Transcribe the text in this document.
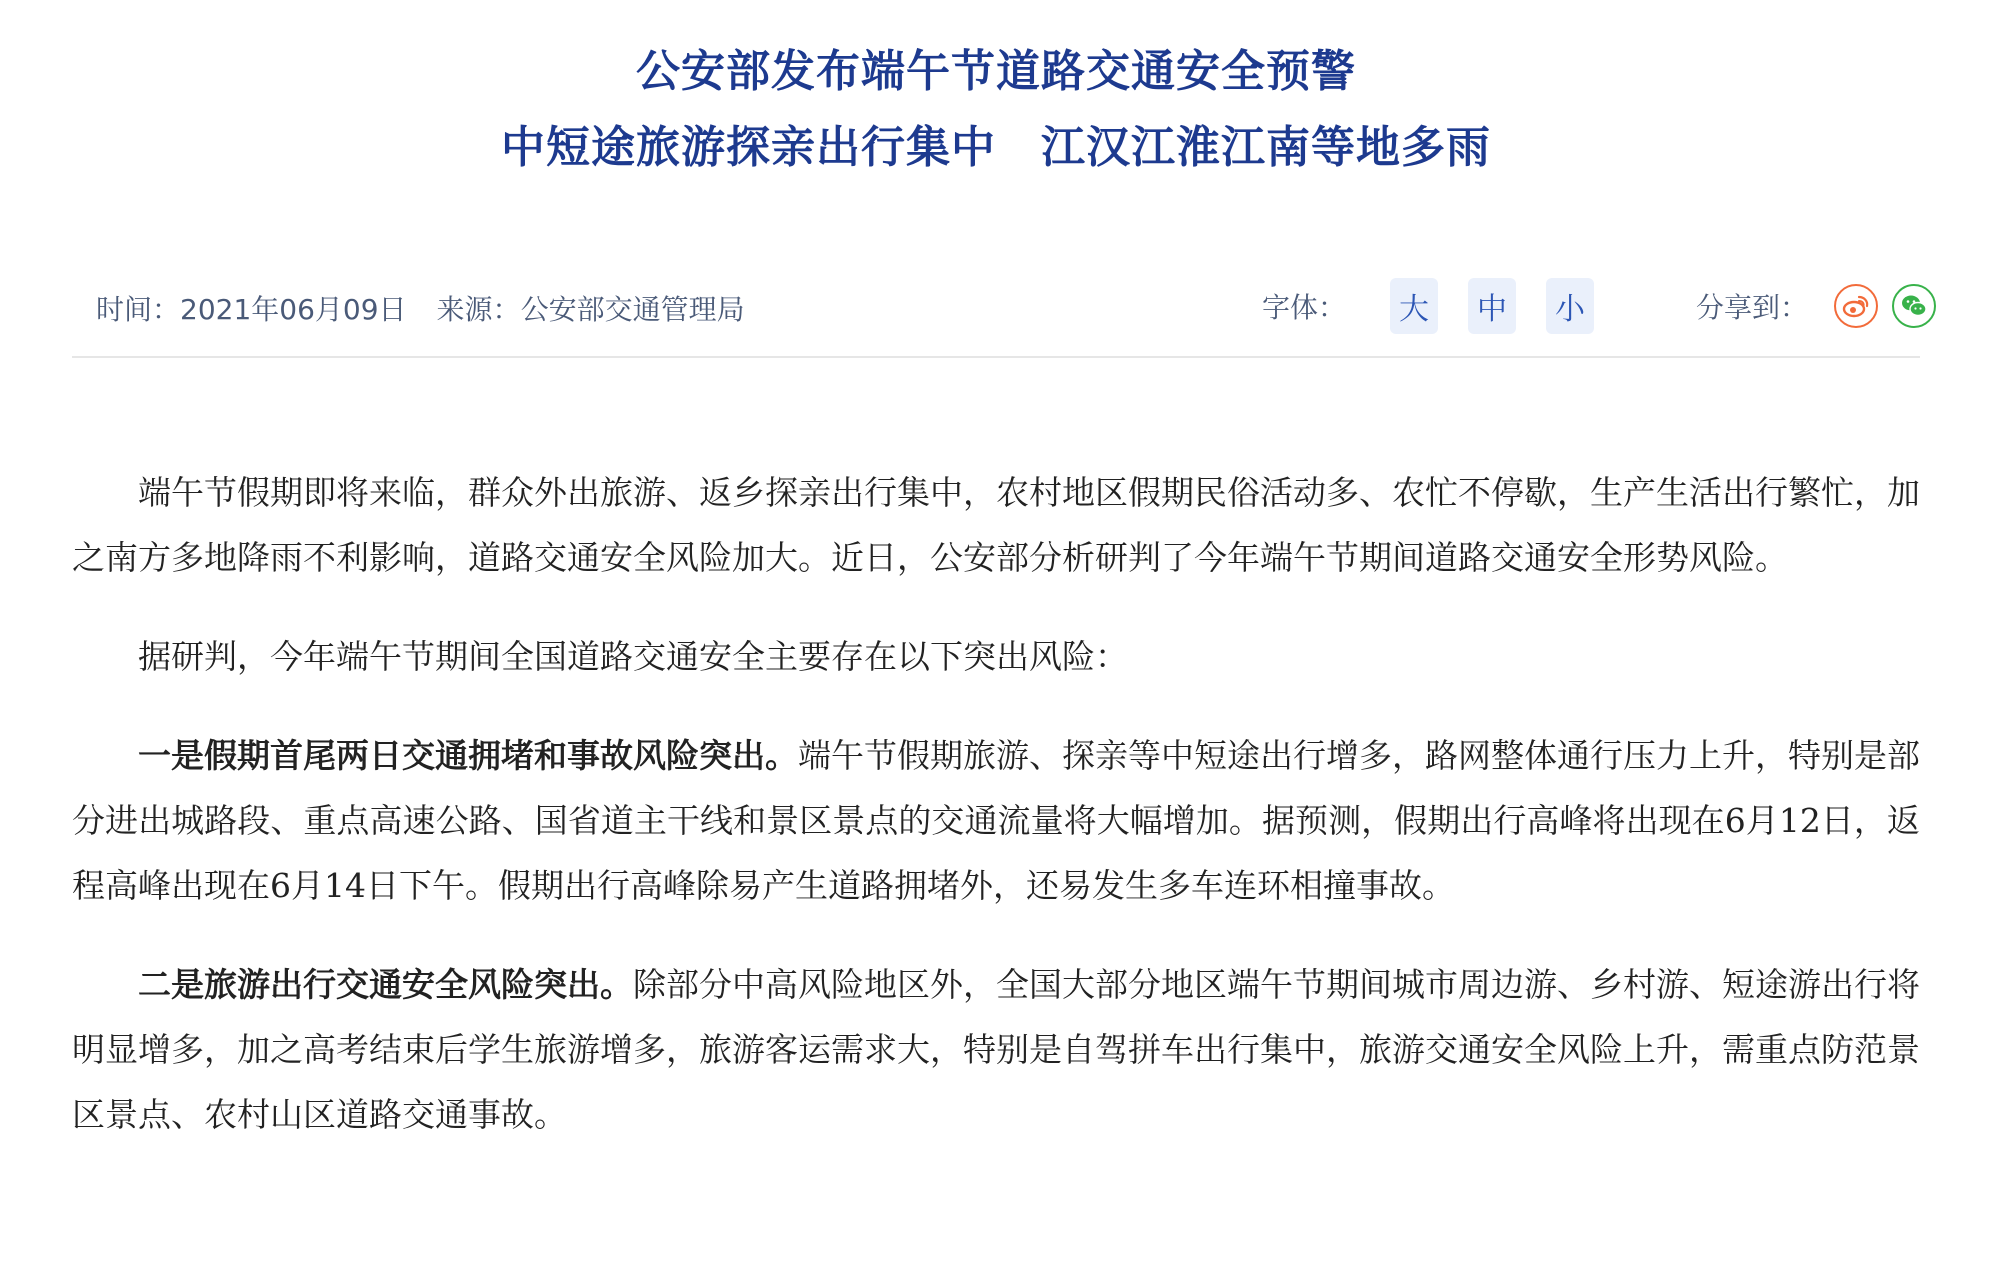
公安部发布端午节道路交通安全预警
中短途旅游探亲出行集中　江汉江淮江南等地多雨
时间：2021年06月09日 来源：公安部交通管理局	字体：	大	中	小	分享到：

端午节假期即将来临，群众外出旅游、返乡探亲出行集中，农村地区假期民俗活动多、农忙不停歇，生产生活出行繁忙，加之南方多地降雨不利影响，道路交通安全风险加大。近日，公安部分析研判了今年端午节期间道路交通安全形势风险。

据研判，今年端午节期间全国道路交通安全主要存在以下突出风险：

一是假期首尾两日交通拥堵和事故风险突出。端午节假期旅游、探亲等中短途出行增多，路网整体通行压力上升，特别是部分进出城路段、重点高速公路、国省道主干线和景区景点的交通流量将大幅增加。据预测，假期出行高峰将出现在6月12日，返程高峰出现在6月14日下午。假期出行高峰除易产生道路拥堵外，还易发生多车连环相撞事故。

二是旅游出行交通安全风险突出。除部分中高风险地区外，全国大部分地区端午节期间城市周边游、乡村游、短途游出行将明显增多，加之高考结束后学生旅游增多，旅游客运需求大，特别是自驾拼车出行集中，旅游交通安全风险上升，需重点防范景区景点、农村山区道路交通事故。
